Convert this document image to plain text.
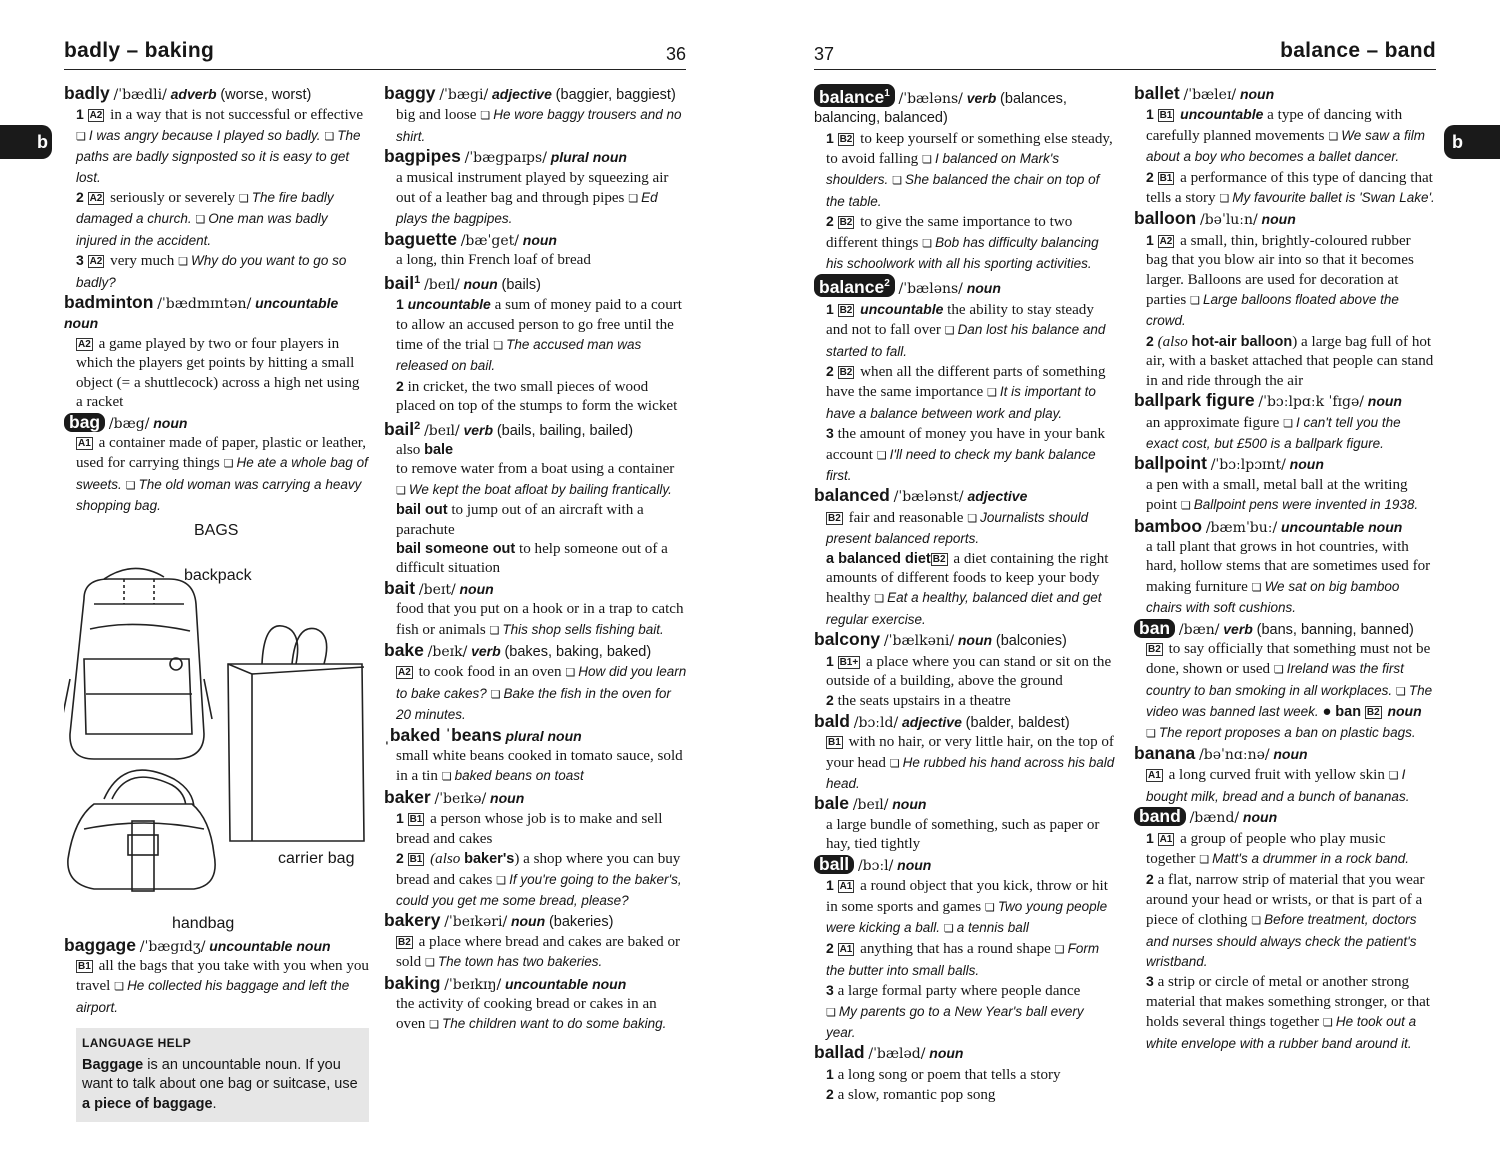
badly – baking	36	37	balance – band
b	b
badly /ˈbædli/ adverb (worse, worst)
1 A2 in a way that is not successful or effective ❏ I was angry because I played so badly. ❏ The paths are badly signposted so it is easy to get lost.
2 A2 seriously or severely ❏ The fire badly damaged a church. ❏ One man was badly injured in the accident.
3 A2 very much ❏ Why do you want to go so badly?
badminton /ˈbædmɪntən/ uncountable noun
A2 a game played by two or four players in which the players get points by hitting a small object (= a shuttlecock) across a high net using a racket
bag /bæg/ noun
A1 a container made of paper, plastic or leather, used for carrying things ❏ He ate a whole bag of sweets. ❏ The old woman was carrying a heavy shopping bag.
BAGS
backpack
carrier bag
handbag
baggage /ˈbægɪdʒ/ uncountable noun
B1 all the bags that you take with you when you travel ❏ He collected his baggage and left the airport.
LANGUAGE HELP
Baggage is an uncountable noun. If you want to talk about one bag or suitcase, use a piece of baggage.
baggy /ˈbægi/ adjective (baggier, baggiest)
big and loose ❏ He wore baggy trousers and no shirt.
bagpipes /ˈbægpaɪps/ plural noun
a musical instrument played by squeezing air out of a leather bag and through pipes ❏ Ed plays the bagpipes.
baguette /bæˈget/ noun
a long, thin French loaf of bread
bail$^1$ /beɪl/ noun (bails)
1 uncountable a sum of money paid to a court to allow an accused person to go free until the time of the trial ❏ The accused man was released on bail.
2 in cricket, the two small pieces of wood placed on top of the stumps to form the wicket
bail$^2$ /beɪl/ verb (bails, bailing, bailed)
also bale
to remove water from a boat using a container ❏ We kept the boat afloat by bailing frantically.
bail out to jump out of an aircraft with a parachute
bail someone out to help someone out of a difficult situation
bait /beɪt/ noun
food that you put on a hook or in a trap to catch fish or animals ❏ This shop sells fishing bait.
bake /beɪk/ verb (bakes, baking, baked)
A2 to cook food in an oven ❏ How did you learn to bake cakes? ❏ Bake the fish in the oven for 20 minutes.
ˌbaked ˈbeans plural noun
small white beans cooked in tomato sauce, sold in a tin ❏ baked beans on toast
baker /ˈbeɪkə/ noun
1 B1 a person whose job is to make and sell bread and cakes
2 B1 (also baker's) a shop where you can buy bread and cakes ❏ If you're going to the baker's, could you get me some bread, please?
bakery /ˈbeɪkəri/ noun (bakeries)
B2 a place where bread and cakes are baked or sold ❏ The town has two bakeries.
baking /ˈbeɪkɪŋ/ uncountable noun
the activity of cooking bread or cakes in an oven ❏ The children want to do some baking.
balance$^1$ /ˈbæləns/ verb (balances, balancing, balanced)
1 B2 to keep yourself or something else steady, to avoid falling ❏ I balanced on Mark's shoulders. ❏ She balanced the chair on top of the table.
2 B2 to give the same importance to two different things ❏ Bob has difficulty balancing his schoolwork with all his sporting activities.
balance$^2$ /ˈbæləns/ noun
1 B2 uncountable the ability to stay steady and not to fall over ❏ Dan lost his balance and started to fall.
2 B2 when all the different parts of something have the same importance ❏ It is important to have a balance between work and play.
3 the amount of money you have in your bank account ❏ I'll need to check my bank balance first.
balanced /ˈbælənst/ adjective
B2 fair and reasonable ❏ Journalists should present balanced reports.
a balanced diet B2 a diet containing the right amounts of different foods to keep your body healthy ❏ Eat a healthy, balanced diet and get regular exercise.
balcony /ˈbælkəni/ noun (balconies)
1 B1+ a place where you can stand or sit on the outside of a building, above the ground
2 the seats upstairs in a theatre
bald /bɔːld/ adjective (balder, baldest)
B1 with no hair, or very little hair, on the top of your head ❏ He rubbed his hand across his bald head.
bale /beɪl/ noun
a large bundle of something, such as paper or hay, tied tightly
ball /bɔːl/ noun
1 A1 a round object that you kick, throw or hit in some sports and games ❏ Two young people were kicking a ball. ❏ a tennis ball
2 A1 anything that has a round shape ❏ Form the butter into small balls.
3 a large formal party where people dance ❏ My parents go to a New Year's ball every year.
ballad /ˈbæləd/ noun
1 a long song or poem that tells a story
2 a slow, romantic pop song
ballet /ˈbæleɪ/ noun
1 B1 uncountable a type of dancing with carefully planned movements ❏ We saw a film about a boy who becomes a ballet dancer.
2 B1 a performance of this type of dancing that tells a story ❏ My favourite ballet is 'Swan Lake'.
balloon /bəˈluːn/ noun
1 A2 a small, thin, brightly-coloured rubber bag that you blow air into so that it becomes larger. Balloons are used for decoration at parties ❏ Large balloons floated above the crowd.
2 (also hot-air balloon) a large bag full of hot air, with a basket attached that people can stand in and ride through the air
ballpark figure /ˈbɔːlpɑːk ˈfɪgə/ noun
an approximate figure ❏ I can't tell you the exact cost, but £500 is a ballpark figure.
ballpoint /ˈbɔːlpɔɪnt/ noun
a pen with a small, metal ball at the writing point ❏ Ballpoint pens were invented in 1938.
bamboo /bæmˈbuː/ uncountable noun
a tall plant that grows in hot countries, with hard, hollow stems that are sometimes used for making furniture ❏ We sat on big bamboo chairs with soft cushions.
ban /bæn/ verb (bans, banning, banned)
B2 to say officially that something must not be done, shown or used ❏ Ireland was the first country to ban smoking in all workplaces. ❏ The video was banned last week. ● ban B2 noun ❏ The report proposes a ban on plastic bags.
banana /bəˈnɑːnə/ noun
A1 a long curved fruit with yellow skin ❏ I bought milk, bread and a bunch of bananas.
band /bænd/ noun
1 A1 a group of people who play music together ❏ Matt's a drummer in a rock band.
2 a flat, narrow strip of material that you wear around your head or wrists, or that is part of a piece of clothing ❏ Before treatment, doctors and nurses should always check the patient's wristband.
3 a strip or circle of metal or another strong material that makes something stronger, or that holds several things together ❏ He took out a white envelope with a rubber band around it.
